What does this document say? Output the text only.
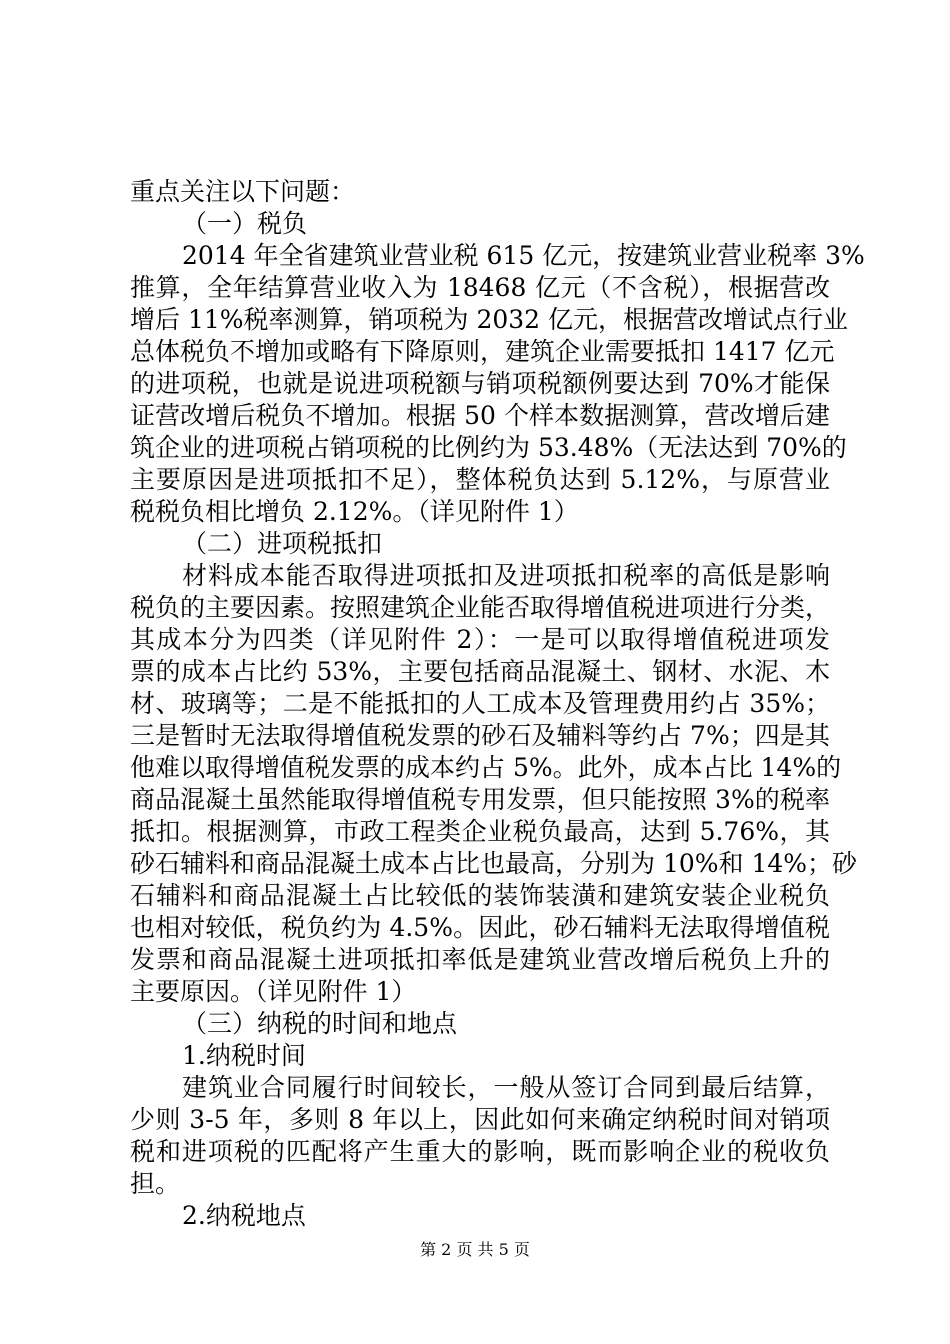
重点关注以下问题：
（一）税负
2014 年全省建筑业营业税 615 亿元，按建筑业营业税率 3%
推算，全年结算营业收入为 18468 亿元（不含税），根据营改
增后 11%税率测算，销项税为 2032 亿元，根据营改增试点行业
总体税负不增加或略有下降原则，建筑企业需要抵扣 1417 亿元
的进项税，也就是说进项税额与销项税额例要达到 70%才能保
证营改增后税负不增加。根据 50 个样本数据测算，营改增后建
筑企业的进项税占销项税的比例约为 53.48%（无法达到 70%的
主要原因是进项抵扣不足），整体税负达到 5.12%，与原营业
税税负相比增负 2.12%。（详见附件 1）
（二）进项税抵扣
材料成本能否取得进项抵扣及进项抵扣税率的高低是影响
税负的主要因素。按照建筑企业能否取得增值税进项进行分类，
其成本分为四类（详见附件 2）：一是可以取得增值税进项发
票的成本占比约 53%，主要包括商品混凝土、钢材、水泥、木
材、玻璃等；二是不能抵扣的人工成本及管理费用约占 35%；
三是暂时无法取得增值税发票的砂石及辅料等约占 7%；四是其
他难以取得增值税发票的成本约占 5%。此外，成本占比 14%的
商品混凝土虽然能取得增值税专用发票，但只能按照 3%的税率
抵扣。根据测算，市政工程类企业税负最高，达到 5.76%，其
砂石辅料和商品混凝土成本占比也最高，分别为 10%和 14%；砂
石辅料和商品混凝土占比较低的装饰装潢和建筑安装企业税负
也相对较低，税负约为 4.5%。因此，砂石辅料无法取得增值税
发票和商品混凝土进项抵扣率低是建筑业营改增后税负上升的
主要原因。（详见附件 1）
（三）纳税的时间和地点
1.纳税时间
建筑业合同履行时间较长，一般从签订合同到最后结算，
少则 3-5 年，多则 8 年以上，因此如何来确定纳税时间对销项
税和进项税的匹配将产生重大的影响，既而影响企业的税收负
担。
2.纳税地点
第 2 页 共 5 页
